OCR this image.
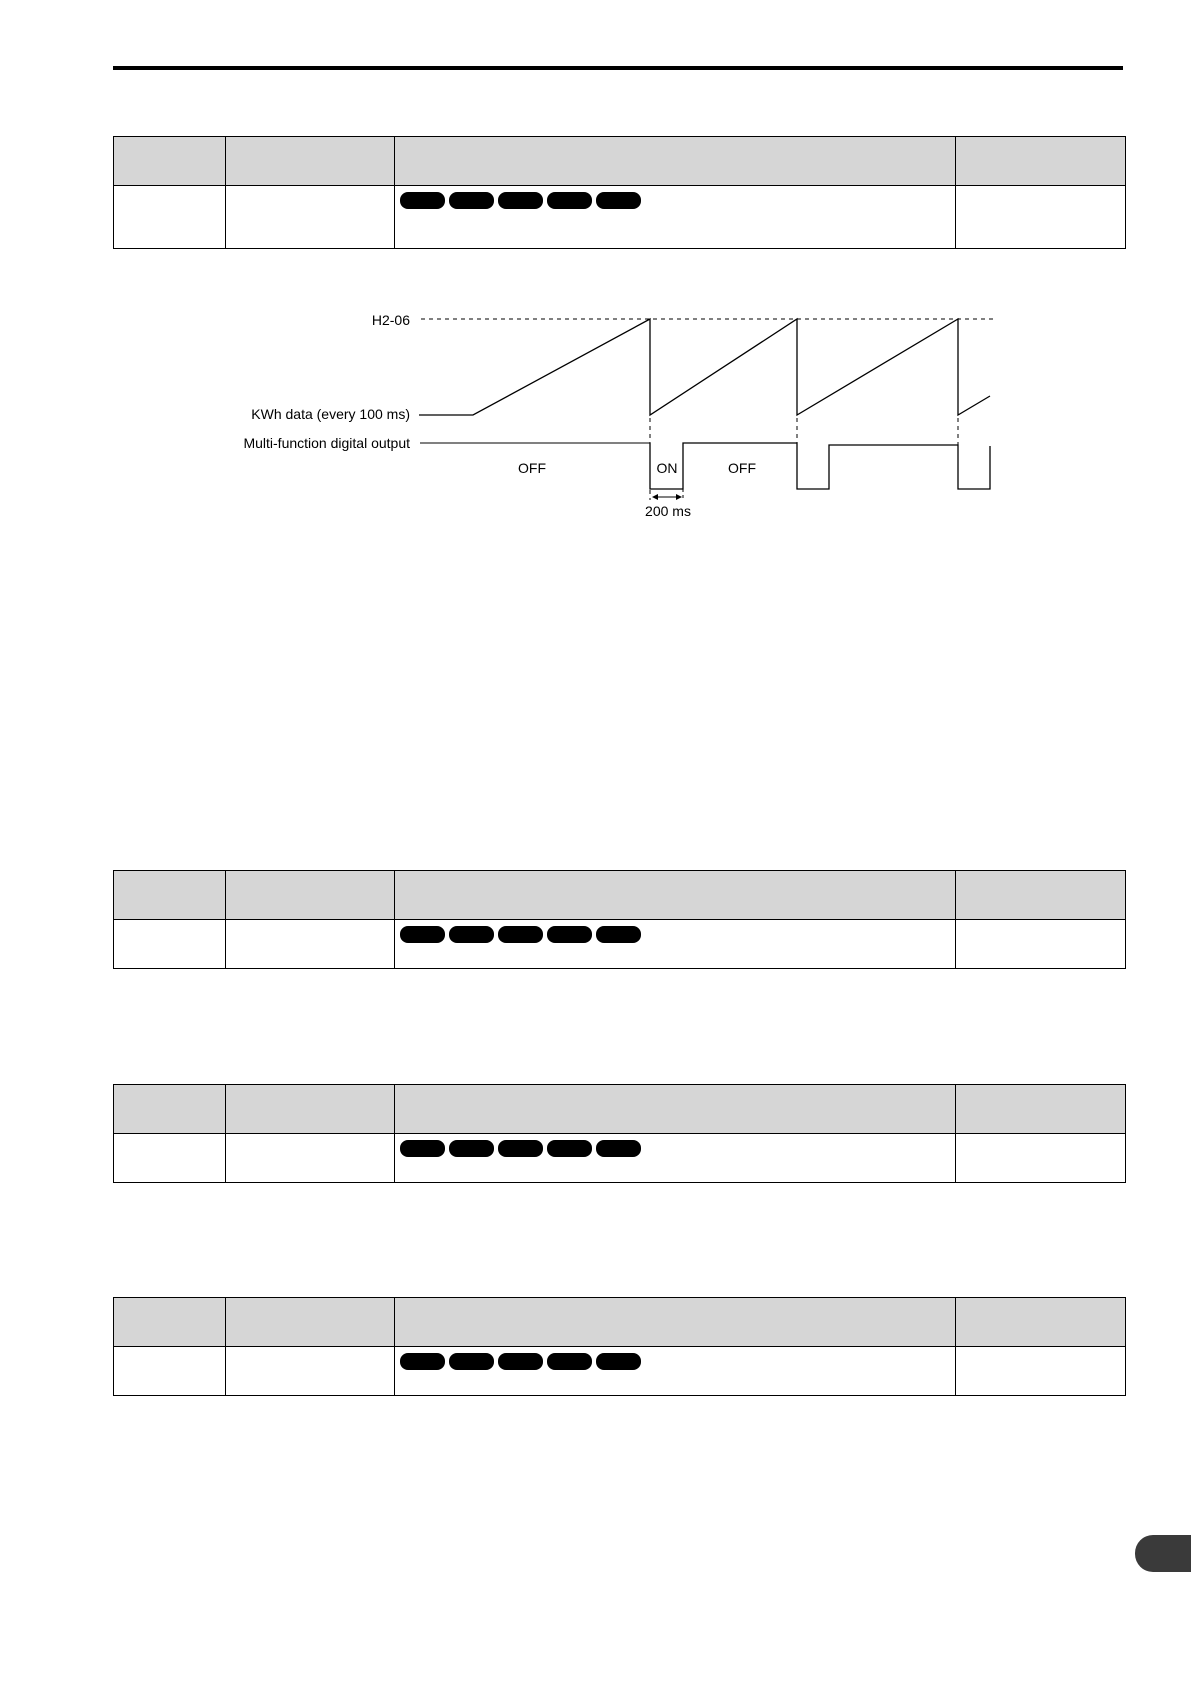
H2-06
KWh data (every 100 ms)
Multi-function digital output
OFF	ON	OFF
200 ms
